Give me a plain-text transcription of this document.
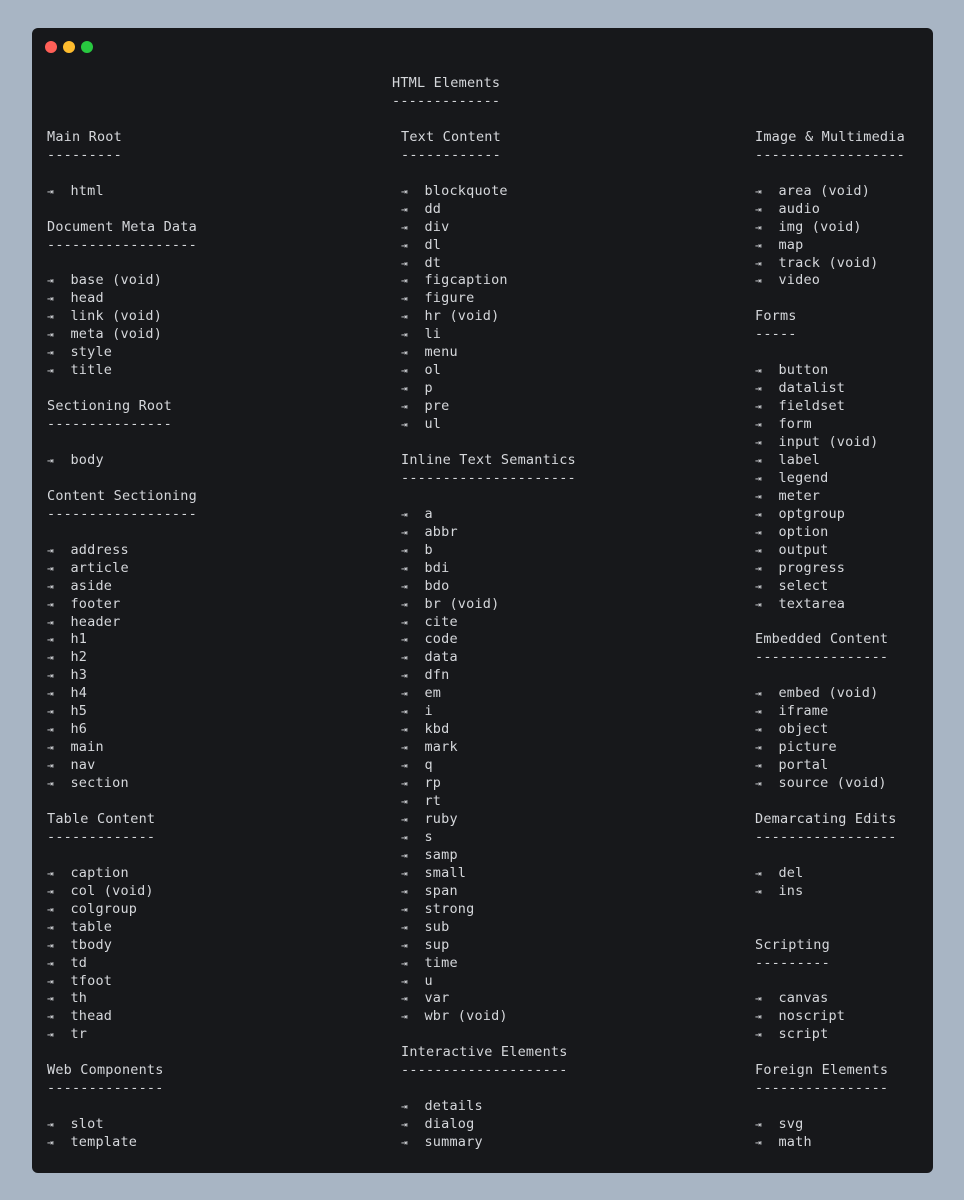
HTML Elements

-------------

Main Root
---------
⇥ html
Document Meta Data
------------------
⇥ base (void)
⇥ head
⇥ link (void)
⇥ meta (void)
⇥ style
⇥ title
Sectioning Root
---------------
⇥ body
Content Sectioning
------------------
⇥ address
⇥ article
⇥ aside
⇥ footer
⇥ header
⇥ h1
⇥ h2
⇥ h3
⇥ h4
⇥ h5
⇥ h6
⇥ main
⇥ nav
⇥ section
Table Content
-------------
⇥ caption
⇥ col (void)
⇥ colgroup
⇥ table
⇥ tbody
⇥ td
⇥ tfoot
⇥ th
⇥ thead
⇥ tr
Web Components
--------------
⇥ slot
⇥ template
Text Content
------------
⇥ blockquote
⇥ dd
⇥ div
⇥ dl
⇥ dt
⇥ figcaption
⇥ figure
⇥ hr (void)
⇥ li
⇥ menu
⇥ ol
⇥ p
⇥ pre
⇥ ul
Inline Text Semantics
---------------------
⇥ a
⇥ abbr
⇥ b
⇥ bdi
⇥ bdo
⇥ br (void)
⇥ cite
⇥ code
⇥ data
⇥ dfn
⇥ em
⇥ i
⇥ kbd
⇥ mark
⇥ q
⇥ rp
⇥ rt
⇥ ruby
⇥ s
⇥ samp
⇥ small
⇥ span
⇥ strong
⇥ sub
⇥ sup
⇥ time
⇥ u
⇥ var
⇥ wbr (void)
Interactive Elements
--------------------
⇥ details
⇥ dialog
⇥ summary
Image & Multimedia
------------------
⇥ area (void)
⇥ audio
⇥ img (void)
⇥ map
⇥ track (void)
⇥ video
Forms
-----
⇥ button
⇥ datalist
⇥ fieldset
⇥ form
⇥ input (void)
⇥ label
⇥ legend
⇥ meter
⇥ optgroup
⇥ option
⇥ output
⇥ progress
⇥ select
⇥ textarea
Embedded Content
----------------
⇥ embed (void)
⇥ iframe
⇥ object
⇥ picture
⇥ portal
⇥ source (void)
Demarcating Edits
-----------------
⇥ del
⇥ ins
Scripting
---------
⇥ canvas
⇥ noscript
⇥ script
Foreign Elements
----------------
⇥ svg
⇥ math
